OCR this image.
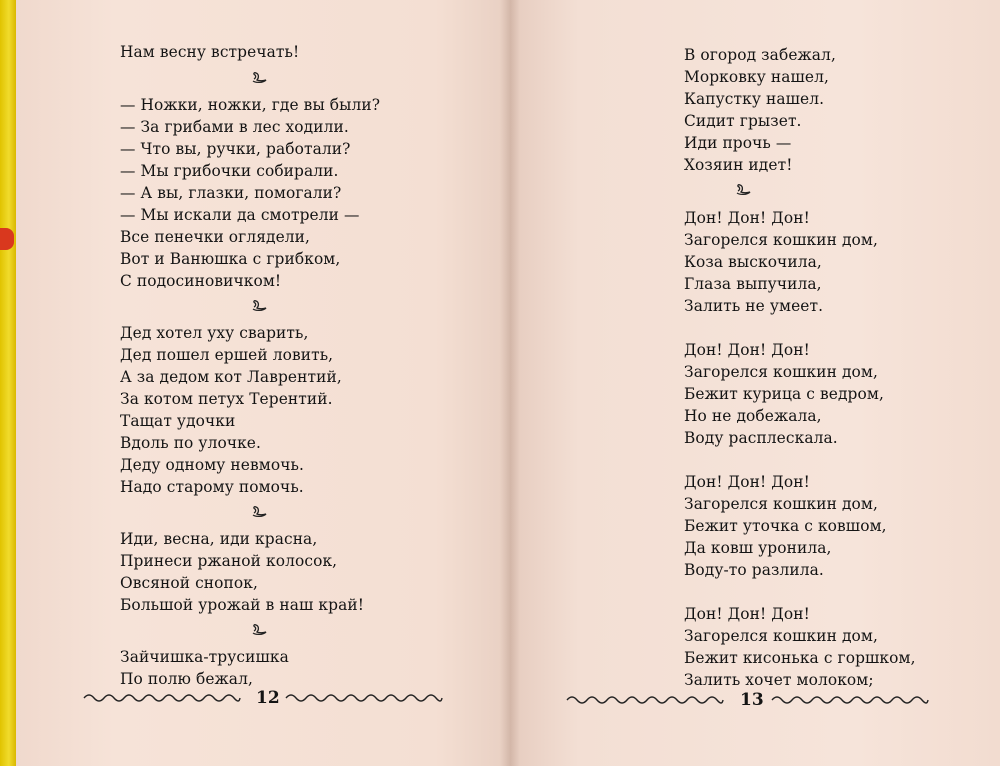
Нам весну встречать!
— Ножки, ножки, где вы были?
— За грибами в лес ходили.
— Что вы, ручки, работали?
— Мы грибочки собирали.
— А вы, глазки, помогали?
— Мы искали да смотрели —
Все пенечки оглядели,
Вот и Ванюшка с грибком,
С подосиновичком!
Дед хотел уху сварить,
Дед пошел ершей ловить,
А за дедом кот Лаврентий,
За котом петух Терентий.
Тащат удочки
Вдоль по улочке.
Деду одному невмочь.
Надо старому помочь.
Иди, весна, иди красна,
Принеси ржаной колосок,
Овсяной снопок,
Большой урожай в наш край!
Зайчишка-трусишка
По полю бежал,
12
В огород забежал,
Морковку нашел,
Капустку нашел.
Сидит грызет.
Иди прочь —
Хозяин идет!
Дон! Дон! Дон!
Загорелся кошкин дом,
Коза выскочила,
Глаза выпучила,
Залить не умеет.
Дон! Дон! Дон!
Загорелся кошкин дом,
Бежит курица с ведром,
Но не добежала,
Воду расплескала.
Дон! Дон! Дон!
Загорелся кошкин дом,
Бежит уточка с ковшом,
Да ковш уронила,
Воду-то разлила.
Дон! Дон! Дон!
Загорелся кошкин дом,
Бежит кисонька с горшком,
Залить хочет молоком;
13
